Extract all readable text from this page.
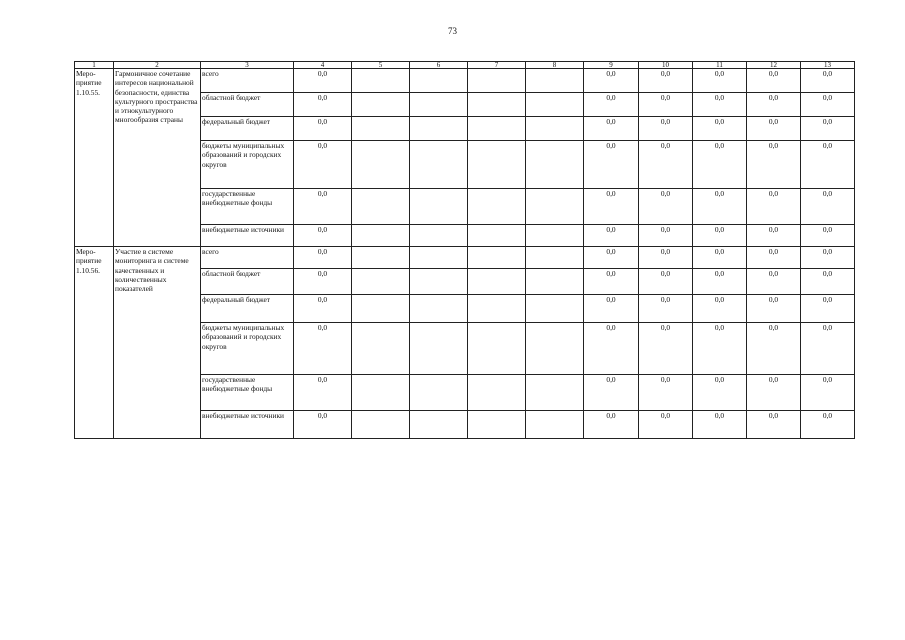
73
1	2	3	4	5	6	7	8	9	10	11	12	13
Меро-
приятие
1.10.55.	Гармоничное сочетание интересов национальной безопасности, единства культурного пространства и этнокультурного многообразия страны	всего	0,0					0,0	0,0	0,0	0,0	0,0
		областной бюджет	0,0					0,0	0,0	0,0	0,0	0,0
		федеральный бюджет	0,0					0,0	0,0	0,0	0,0	0,0
		бюджеты муниципальных образований и городских округов	0,0					0,0	0,0	0,0	0,0	0,0
		государственные внебюджетные фонды	0,0					0,0	0,0	0,0	0,0	0,0
		внебюджетные источники	0,0					0,0	0,0	0,0	0,0	0,0
Меро-
приятие
1.10.56.	Участие в системе мониторинга и системе качественных и количественных показателей	всего	0,0					0,0	0,0	0,0	0,0	0,0
		областной бюджет	0,0					0,0	0,0	0,0	0,0	0,0
		федеральный бюджет	0,0					0,0	0,0	0,0	0,0	0,0
		бюджеты муниципальных образований и городских округов	0,0					0,0	0,0	0,0	0,0	0,0
		государственные внебюджетные фонды	0,0					0,0	0,0	0,0	0,0	0,0
		внебюджетные источники	0,0					0,0	0,0	0,0	0,0	0,0
